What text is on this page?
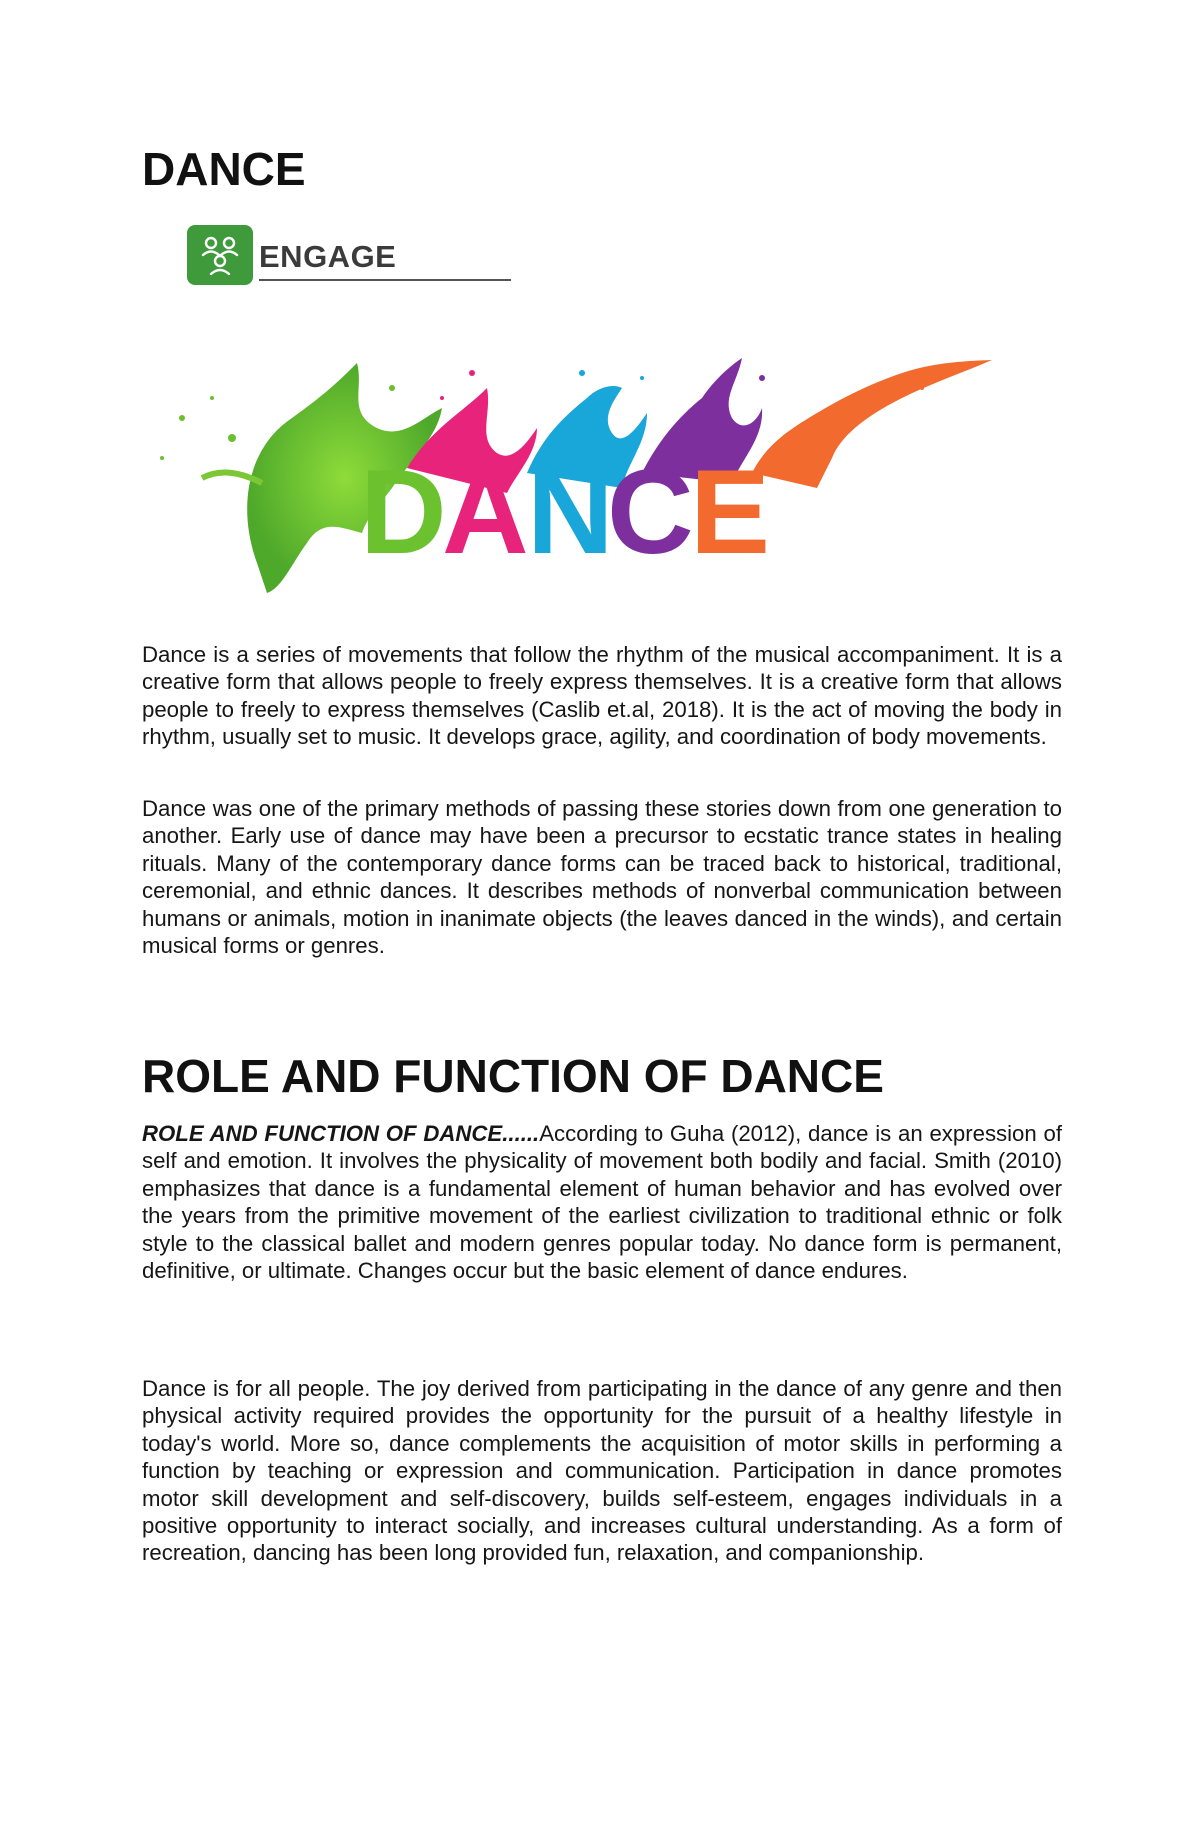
DANCE
ENGAGE
D
A
N
C
E

Dance is a series of movements that follow the rhythm of the musical accompaniment. It is a creative form that allows people to freely express themselves. It is a creative form that allows people to freely to express themselves (Caslib et.al, 2018). It is the act of moving the body in rhythm, usually set to music. It develops grace, agility, and coordination of body movements.

Dance was one of the primary methods of passing these stories down from one generation to another. Early use of dance may have been a precursor to ecstatic trance states in healing rituals. Many of the contemporary dance forms can be traced back to historical, traditional, ceremonial, and ethnic dances. It describes methods of nonverbal communication between humans or animals, motion in inanimate objects (the leaves danced in the winds), and certain musical forms or genres.

ROLE AND FUNCTION OF DANCE

ROLE AND FUNCTION OF DANCE......According to Guha (2012), dance is an expression of self and emotion. It involves the physicality of movement both bodily and facial. Smith (2010) emphasizes that dance is a fundamental element of human behavior and has evolved over the years from the primitive movement of the earliest civilization to traditional ethnic or folk style to the classical ballet and modern genres popular today. No dance form is permanent, definitive, or ultimate. Changes occur but the basic element of dance endures.

Dance is for all people. The joy derived from participating in the dance of any genre and then physical activity required provides the opportunity for the pursuit of a healthy lifestyle in today's world. More so, dance complements the acquisition of motor skills in performing a function by teaching or expression and communication. Participation in dance promotes motor skill development and self-discovery, builds self-esteem, engages individuals in a positive opportunity to interact socially, and increases cultural understanding. As a form of recreation, dancing has been long provided fun, relaxation, and companionship.
